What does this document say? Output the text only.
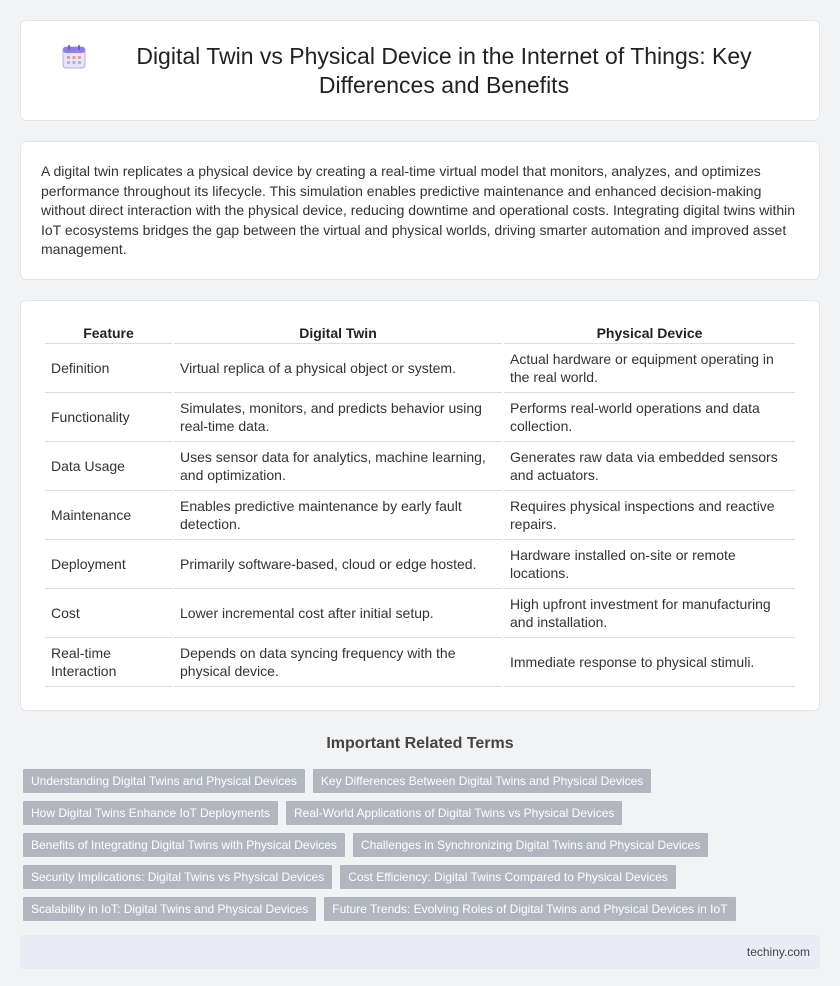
Digital Twin vs Physical Device in the Internet of Things: Key Differences and Benefits

A digital twin replicates a physical device by creating a real-time virtual model that monitors, analyzes, and optimizes performance throughout its lifecycle. This simulation enables predictive maintenance and enhanced decision-making without direct interaction with the physical device, reducing downtime and operational costs. Integrating digital twins within IoT ecosystems bridges the gap between the virtual and physical worlds, driving smarter automation and improved asset management.

Feature	Digital Twin	Physical Device
Definition	Virtual replica of a physical object or system.	Actual hardware or equipment operating in the real world.
Functionality	Simulates, monitors, and predicts behavior using real-time data.	Performs real-world operations and data collection.
Data Usage	Uses sensor data for analytics, machine learning, and optimization.	Generates raw data via embedded sensors and actuators.
Maintenance	Enables predictive maintenance by early fault detection.	Requires physical inspections and reactive repairs.
Deployment	Primarily software-based, cloud or edge hosted.	Hardware installed on-site or remote locations.
Cost	Lower incremental cost after initial setup.	High upfront investment for manufacturing and installation.
Real-time Interaction	Depends on data syncing frequency with the physical device.	Immediate response to physical stimuli.
Important Related Terms
Understanding Digital Twins and Physical Devices	Key Differences Between Digital Twins and Physical Devices
How Digital Twins Enhance IoT Deployments	Real-World Applications of Digital Twins vs Physical Devices
Benefits of Integrating Digital Twins with Physical Devices	Challenges in Synchronizing Digital Twins and Physical Devices
Security Implications: Digital Twins vs Physical Devices	Cost Efficiency: Digital Twins Compared to Physical Devices
Scalability in IoT: Digital Twins and Physical Devices	Future Trends: Evolving Roles of Digital Twins and Physical Devices in IoT
techiny.com
